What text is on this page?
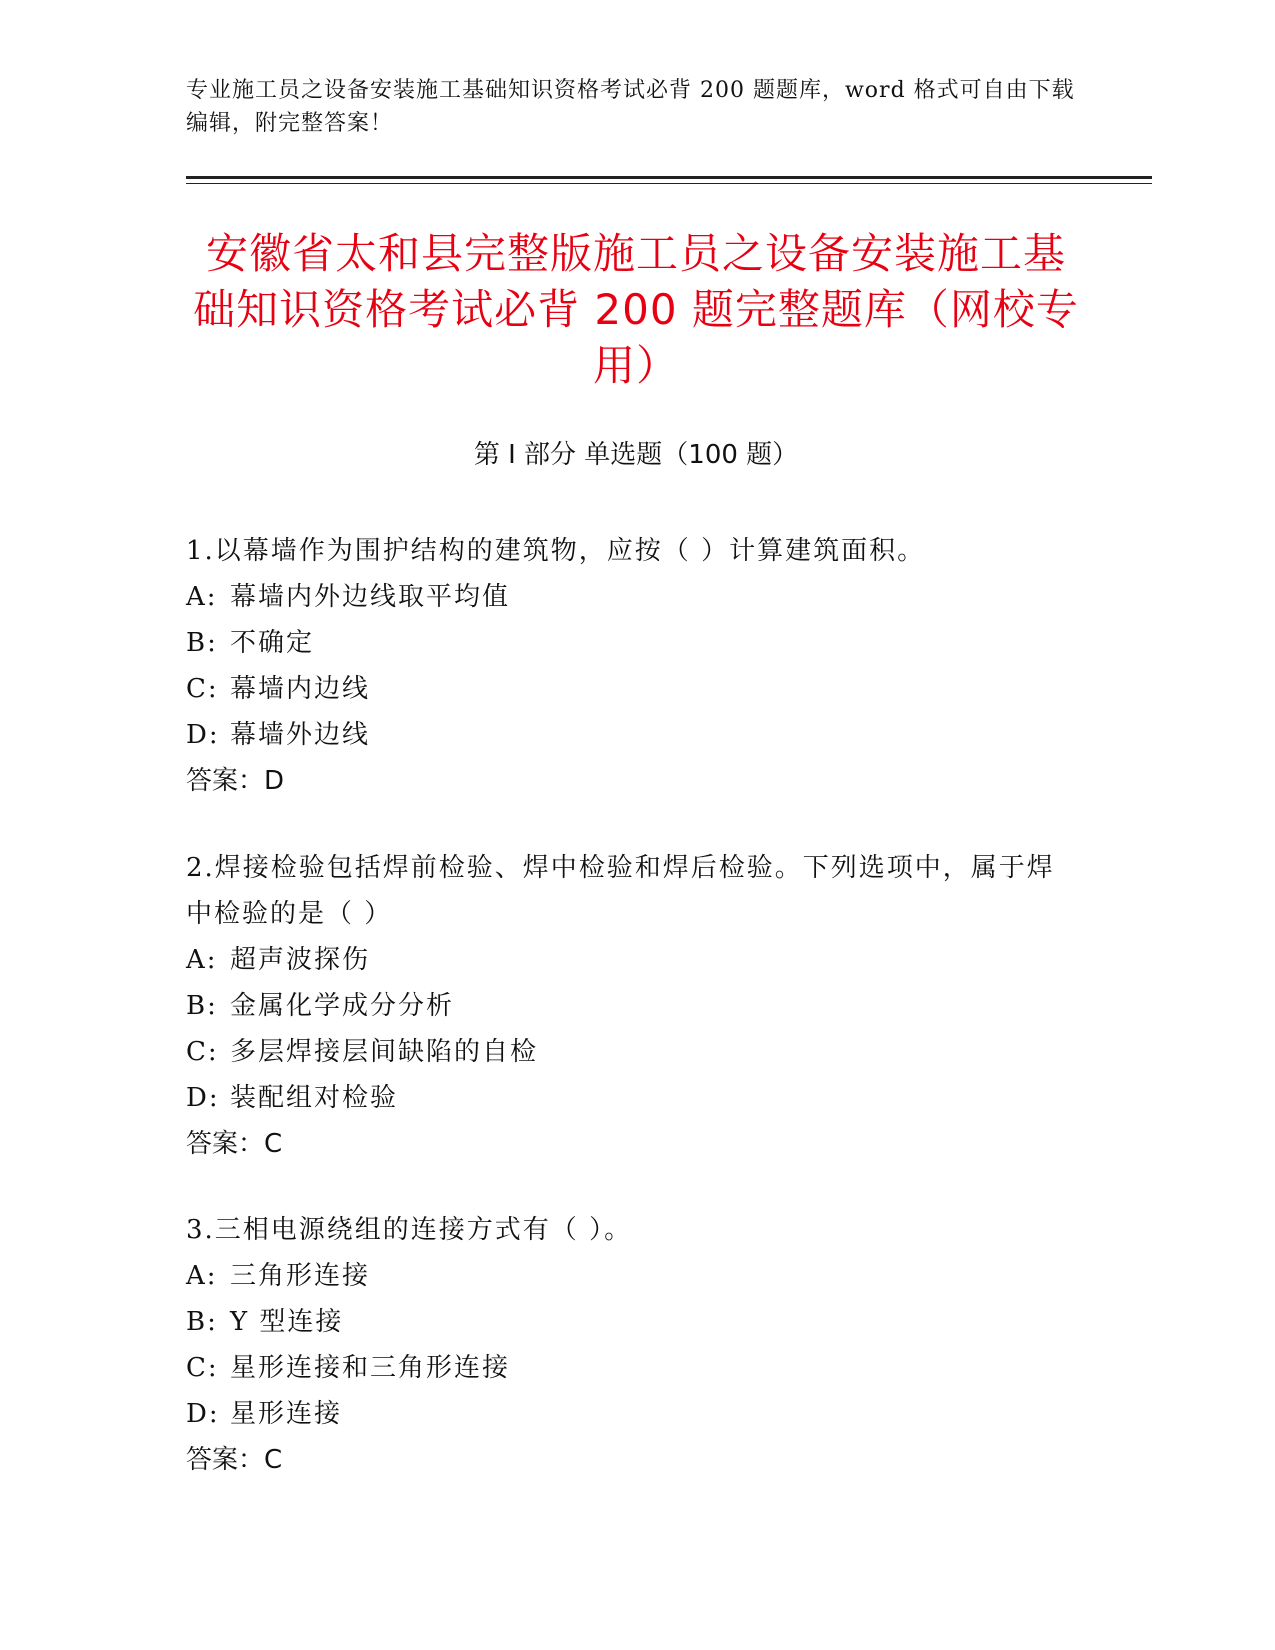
专业施工员之设备安装施工基础知识资格考试必背 200 题题库，word 格式可自由下载编辑，附完整答案！
安徽省太和县完整版施工员之设备安装施工基础知识资格考试必背 200 题完整题库（网校专用）
第 I 部分 单选题（100 题）

1.以幕墙作为围护结构的建筑物，应按（ ）计算建筑面积。

A: 幕墙内外边线取平均值

B: 不确定

C: 幕墙内边线

D: 幕墙外边线

答案：D

2.焊接检验包括焊前检验、焊中检验和焊后检验。下列选项中，属于焊中检验的是（ ）

A: 超声波探伤

B: 金属化学成分分析

C: 多层焊接层间缺陷的自检

D: 装配组对检验

答案：C

3.三相电源绕组的连接方式有（ ）。

A: 三角形连接

B: Y 型连接

C: 星形连接和三角形连接

D: 星形连接

答案：C
